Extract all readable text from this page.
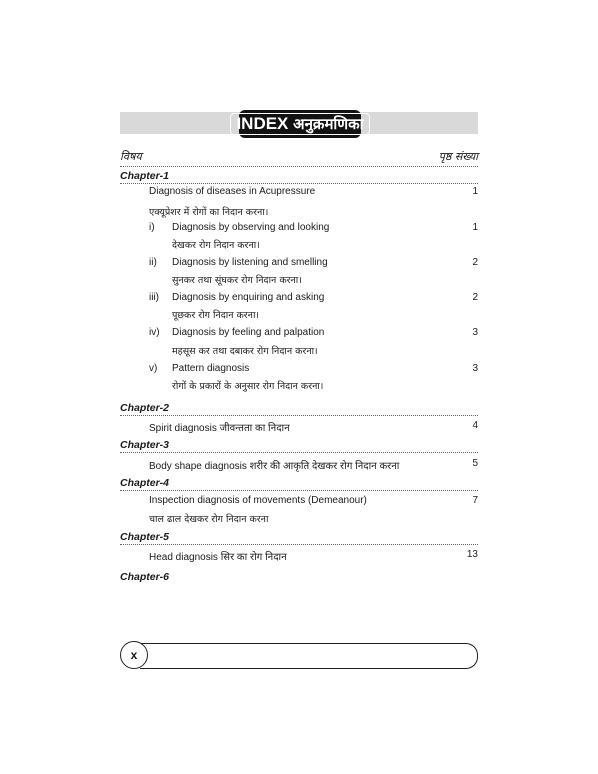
INDEX अनुक्रमणिका
विषय	पृष्ठ संख्या
Chapter-1
Diagnosis of diseases in Acupressure	1
एक्यूप्रेशर में रोगों का निदान करना।
i) Diagnosis by observing and looking	1
देखकर रोग निदान करना।
ii) Diagnosis by listening and smelling	2
सुनकर तथा सूंघकर रोग निदान करना।
iii) Diagnosis by enquiring and asking	2
पूछकर रोग निदान करना।
iv) Diagnosis by feeling and palpation	3
महसूस कर तथा दबाकर रोग निदान करना।
v) Pattern diagnosis	3
रोगों के प्रकारों के अनुसार रोग निदान करना।
Chapter-2
Spirit diagnosis जीवन्तता का निदान	4
Chapter-3
Body shape diagnosis शरीर की आकृति देखकर रोग निदान करना	5
Chapter-4
Inspection diagnosis of movements (Demeanour)	7
चाल ढाल देखकर रोग निदान करना
Chapter-5
Head diagnosis सिर का रोग निदान	13
Chapter-6
x
